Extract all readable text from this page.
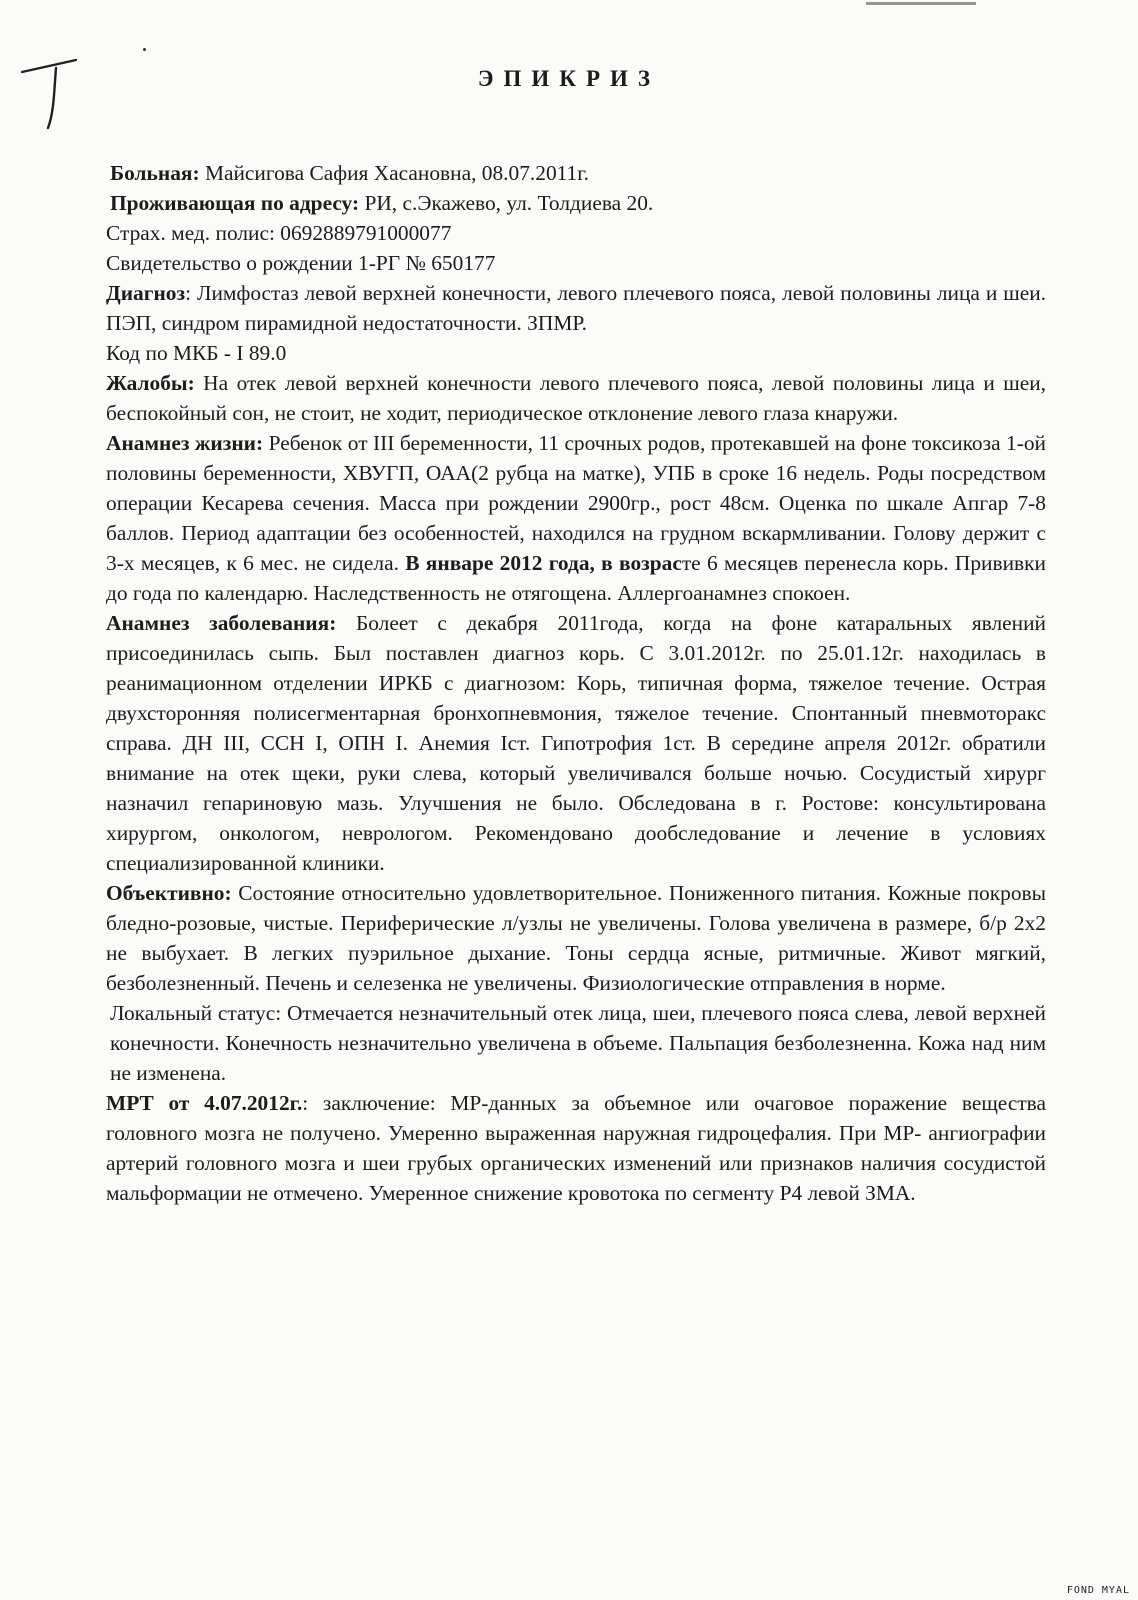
ЭПИКРИЗ
Больная: Майсигова Сафия Хасановна, 08.07.2011г.
Проживающая по адресу: РИ, с.Экажево, ул. Толдиева 20.
Страх. мед. полис: 0692889791000077
Свидетельство о рождении 1-РГ № 650177

Диагноз: Лимфостаз левой верхней конечности, левого плечевого пояса, левой половины лица и шеи. ПЭП, синдром пирамидной недостаточности. ЗПМР.

Код по МКБ - I 89.0

Жалобы: На отек левой верхней конечности левого плечевого пояса, левой половины лица и шеи, беспокойный сон, не стоит, не ходит, периодическое отклонение левого глаза кнаружи.

Анамнез жизни: Ребенок от III беременности, 11 срочных родов, протекавшей на фоне токсикоза 1-ой половины беременности, ХВУГП, ОАА(2 рубца на матке), УПБ в сроке 16 недель. Роды посредством операции Кесарева сечения. Масса при рождении 2900гр., рост 48см. Оценка по шкале Апгар 7-8 баллов. Период адаптации без особенностей, находился на грудном вскармливании. Голову держит с 3-х месяцев, к 6 мес. не сидела. В январе 2012 года, в возрасте 6 месяцев перенесла корь. Прививки до года по календарю. Наследственность не отягощена. Аллергоанамнез спокоен.

Анамнез заболевания: Болеет с декабря 2011года, когда на фоне катаральных явлений присоединилась сыпь. Был поставлен диагноз корь. С 3.01.2012г. по 25.01.12г. находилась в реанимационном отделении ИРКБ с диагнозом: Корь, типичная форма, тяжелое течение. Острая двухсторонняя полисегментарная бронхопневмония, тяжелое течение. Спонтанный пневмоторакс справа. ДН III, ССН I, ОПН I. Анемия Iст. Гипотрофия 1ст. В середине апреля 2012г. обратили внимание на отек щеки, руки слева, который увеличивался больше ночью. Сосудистый хирург назначил гепариновую мазь. Улучшения не было. Обследована в г. Ростове: консультирована хирургом, онкологом, неврологом. Рекомендовано дообследование и лечение в условиях специализированной клиники.

Объективно: Состояние относительно удовлетворительное. Пониженного питания. Кожные покровы бледно-розовые, чистые. Периферические л/узлы не увеличены. Голова увеличена в размере, б/р 2х2 не выбухает. В легких пуэрильное дыхание. Тоны сердца ясные, ритмичные. Живот мягкий, безболезненный. Печень и селезенка не увеличены. Физиологические отправления в норме.

Локальный статус: Отмечается незначительный отек лица, шеи, плечевого пояса слева, левой верхней конечности. Конечность незначительно увеличена в объеме. Пальпация безболезненна. Кожа над ним не изменена.

МРТ от 4.07.2012г.: заключение: МР-данных за объемное или очаговое поражение вещества головного мозга не получено. Умеренно выраженная наружная гидроцефалия. При МР- ангиографии артерий головного мозга и шеи грубых органических изменений или признаков наличия сосудистой мальформации не отмечено. Умеренное снижение кровотока по сегменту P4 левой ЗМА.

FOND MYAL
